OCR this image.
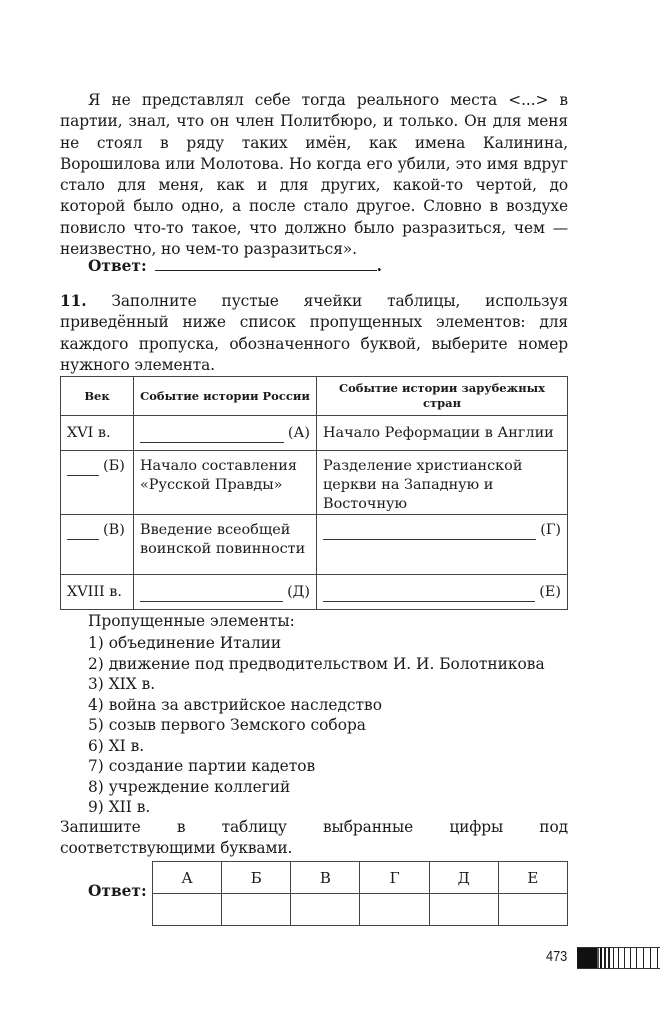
Я не представлял себе тогда реального места <...> в партии, знал, что он член Политбюро, и только. Он для меня не стоял в ряду таких имён, как имена Калинина, Ворошилова или Молотова. Но когда его убили, это имя вдруг стало для меня, как и для других, какой-то чертой, до которой было одно, а после стало другое. Словно в воздухе повисло что-то такое, что должно было разразиться, чем — неизвестно, но чем-то разразиться».
Ответ:	.
11. Заполните пустые ячейки таблицы, используя приведённый ниже список пропущенных элементов: для каждого пропуска, обозначенного буквой, выберите номер нужного элемента.
Век	Событие истории России	Событие истории зарубежных стран
XVI в.	(А)	Начало Реформации в Англии

(Б)	Начало составления «Русской Правды»	Разделение христианской церкви на Западную и Восточную

(В)	Введение всеобщей воинской повинности	(Г)

XVIII в.	(Д)	(Е)
Пропущенные элементы:
1) объединение Италии
2) движение под предводительством И. И. Болотникова
3) XIX в.
4) война за австрийское наследство
5) созыв первого Земского собора
6) XI в.
7) создание партии кадетов
8) учреждение коллегий
9) XII в.
Запишите в таблицу выбранные цифры под соответствующими буквами.
Ответ:
А	Б	В	Г	Д	Е

473
